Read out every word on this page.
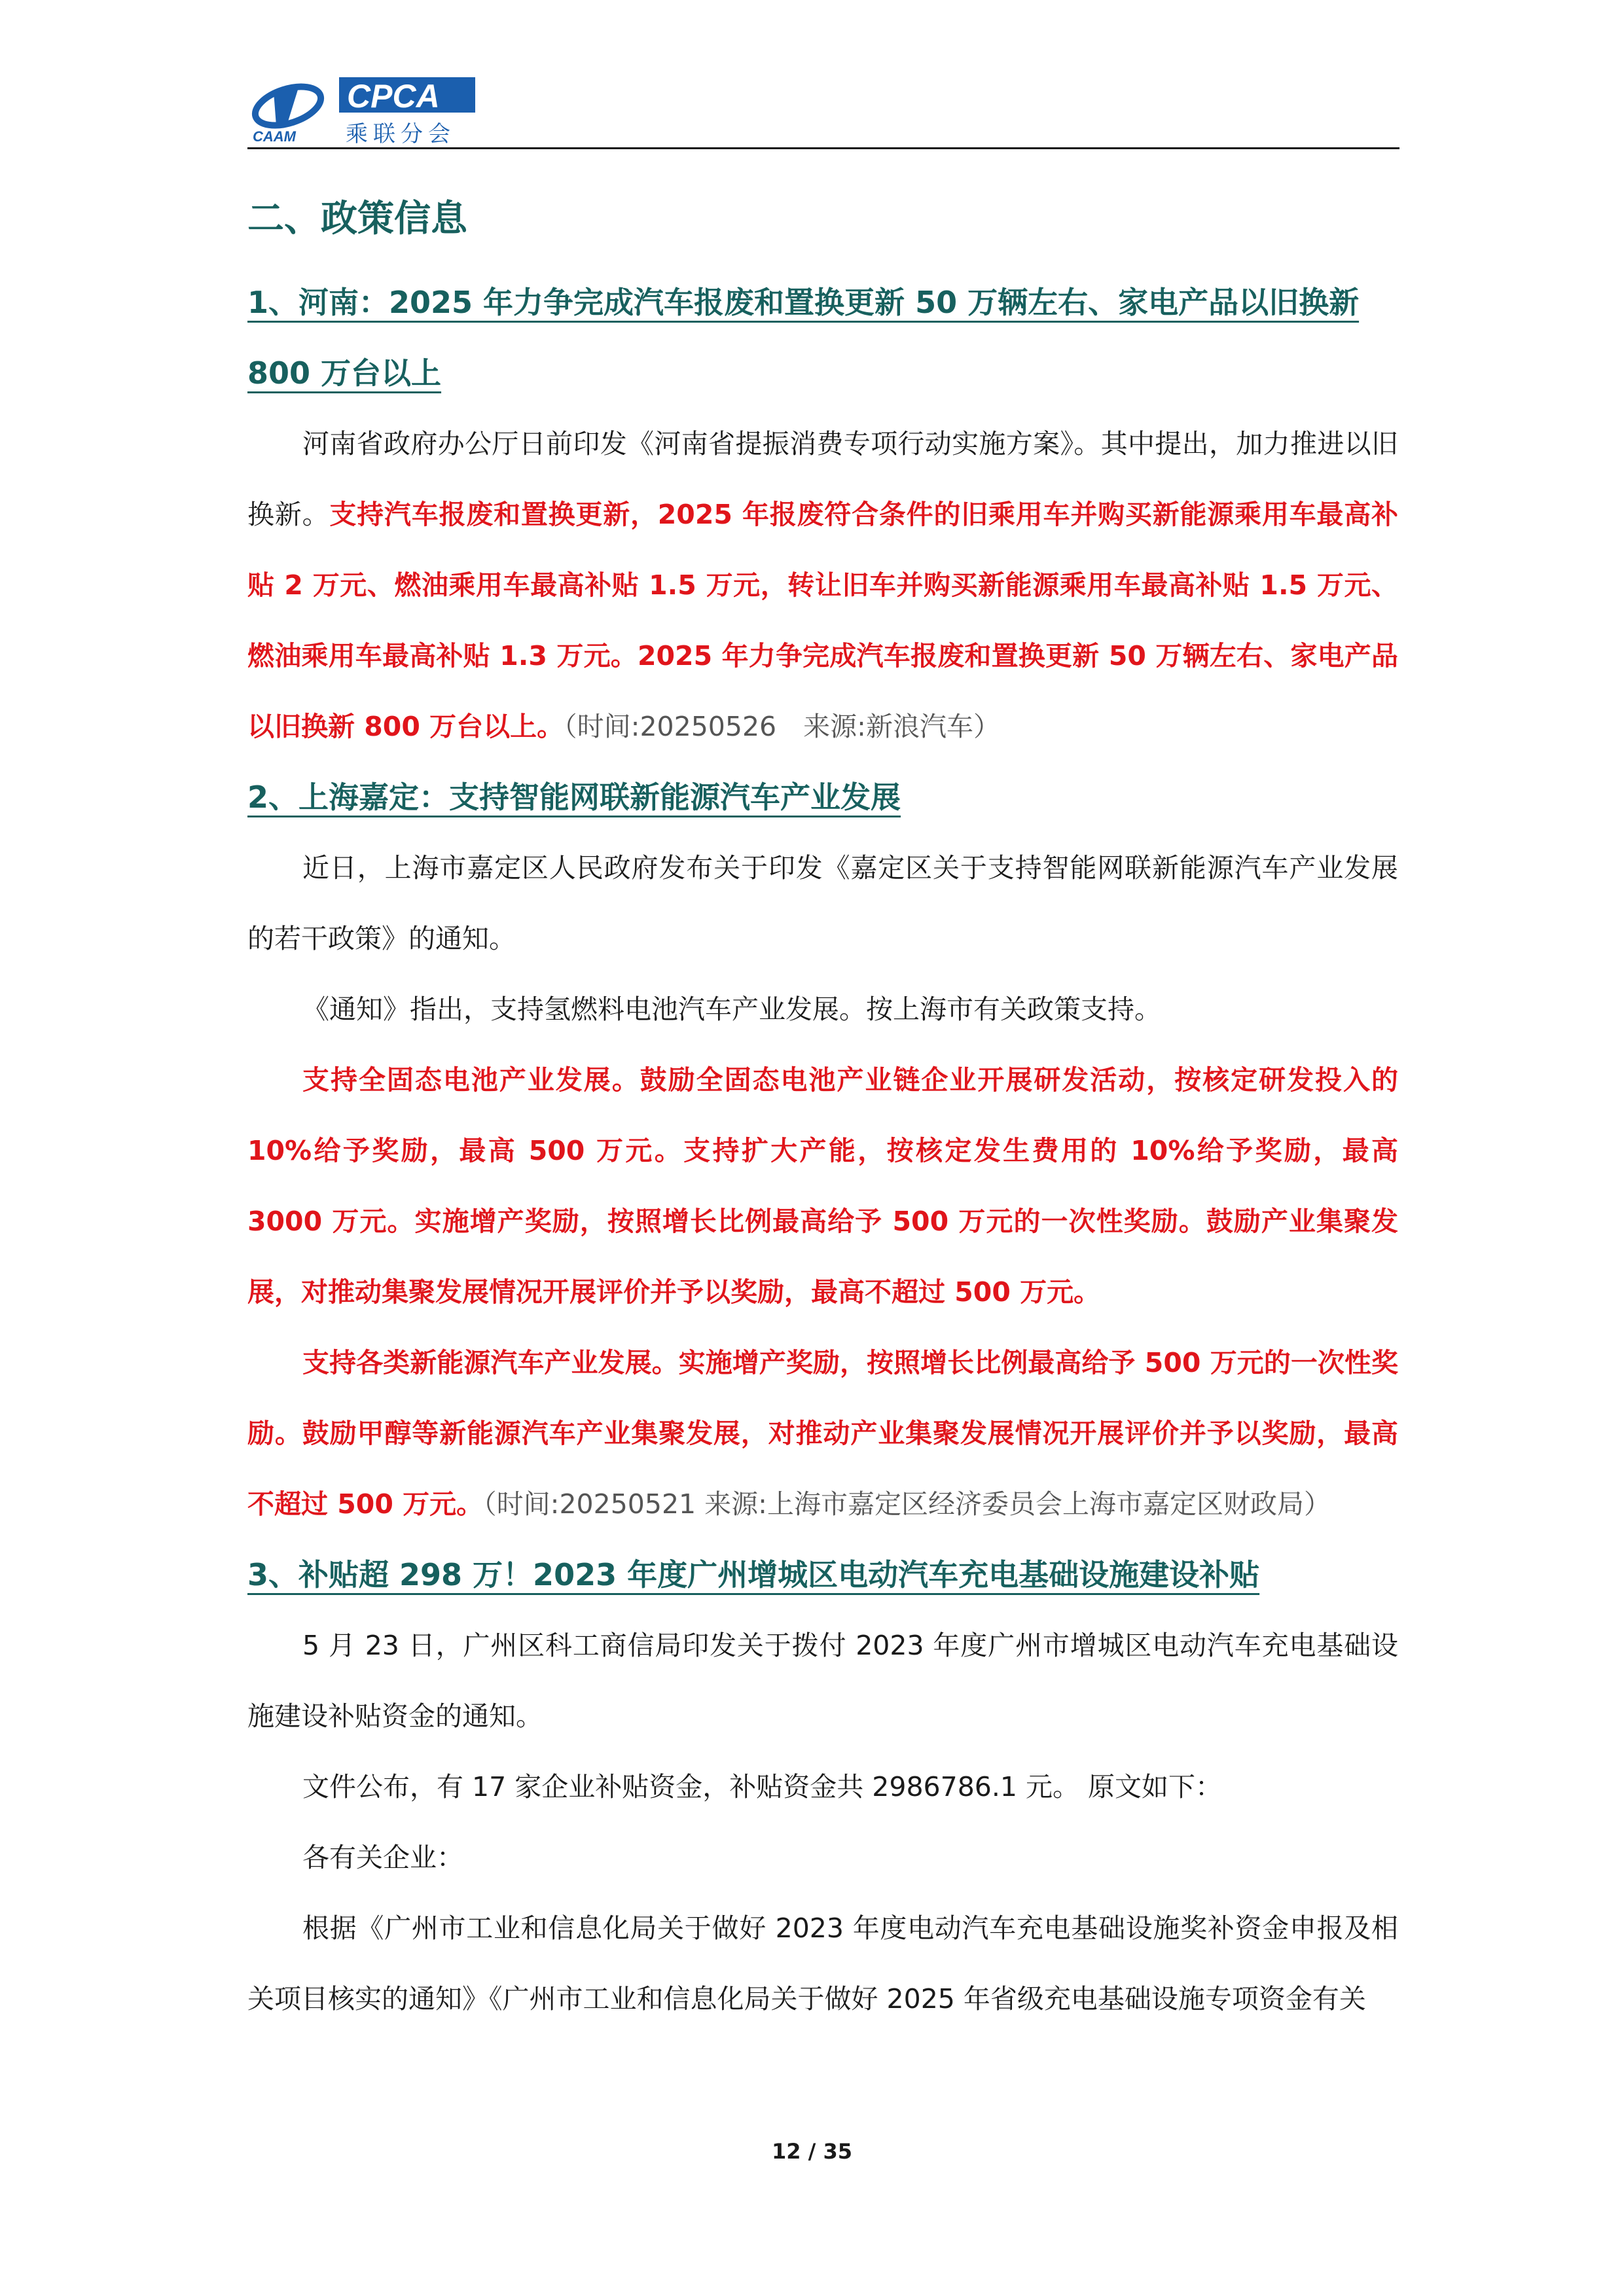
CPCA
乘联分会
CAAM
二、政策信息
1、河南：2025 年力争完成汽车报废和置换更新 50 万辆左右、家电产品以旧换新 800 万台以上

河南省政府办公厅日前印发《河南省提振消费专项行动实施方案》。其中提出，加力推进以旧换新。支持汽车报废和置换更新，2025 年报废符合条件的旧乘用车并购买新能源乘用车最高补贴 2 万元、燃油乘用车最高补贴 1.5 万元，转让旧车并购买新能源乘用车最高补贴 1.5 万元、燃油乘用车最高补贴 1.3 万元。2025 年力争完成汽车报废和置换更新 50 万辆左右、家电产品以旧换新 800 万台以上。（时间:20250526　来源:新浪汽车）

2、上海嘉定：支持智能网联新能源汽车产业发展

近日，上海市嘉定区人民政府发布关于印发《嘉定区关于支持智能网联新能源汽车产业发展的若干政策》的通知。

《通知》指出，支持氢燃料电池汽车产业发展。按上海市有关政策支持。

支持全固态电池产业发展。鼓励全固态电池产业链企业开展研发活动，按核定研发投入的 10%给予奖励，最高 500 万元。支持扩大产能，按核定发生费用的 10%给予奖励，最高 3000 万元。实施增产奖励，按照增长比例最高给予 500 万元的一次性奖励。鼓励产业集聚发展，对推动集聚发展情况开展评价并予以奖励，最高不超过 500 万元。

支持各类新能源汽车产业发展。实施增产奖励，按照增长比例最高给予 500 万元的一次性奖励。鼓励甲醇等新能源汽车产业集聚发展，对推动产业集聚发展情况开展评价并予以奖励，最高不超过 500 万元。（时间:20250521 来源:上海市嘉定区经济委员会上海市嘉定区财政局）

3、补贴超 298 万！2023 年度广州增城区电动汽车充电基础设施建设补贴

5 月 23 日，广州区科工商信局印发关于拨付 2023 年度广州市增城区电动汽车充电基础设施建设补贴资金的通知。

文件公布，有 17 家企业补贴资金，补贴资金共 2986786.1 元。 原文如下：

各有关企业：

根据《广州市工业和信息化局关于做好 2023 年度电动汽车充电基础设施奖补资金申报及相关项目核实的通知》《广州市工业和信息化局关于做好 2025 年省级充电基础设施专项资金有关

12 / 35
